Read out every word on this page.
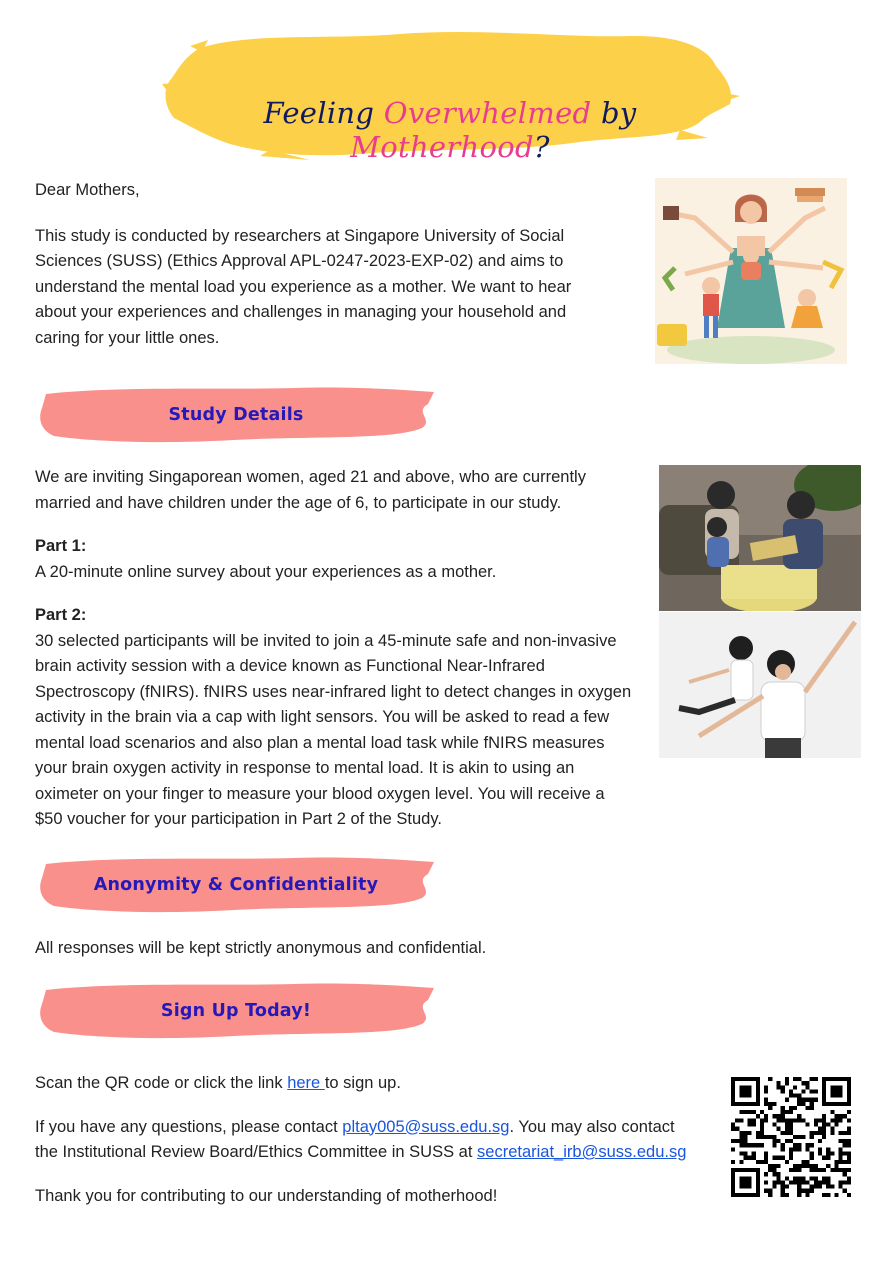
Feeling Overwhelmed by Motherhood?

Dear Mothers,

This study is conducted by researchers at Singapore University of Social

Sciences (SUSS) (Ethics Approval APL-0247-2023-EXP-02) and aims to

understand the mental load you experience as a mother. We want to hear

about your experiences and challenges in managing your household and

caring for your little ones.

Study Details

We are inviting Singaporean women, aged 21 and above, who are currently

married and have children under the age of 6, to participate in our study.

Part 1:

A 20-minute online survey about your experiences as a mother.

Part 2:

30 selected participants will be invited to join a 45-minute safe and non-invasive

brain activity session with a device known as Functional Near-Infrared

Spectroscopy (fNIRS). fNIRS uses near-infrared light to detect changes in oxygen

activity in the brain via a cap with light sensors. You will be asked to read a few

mental load scenarios and also plan a mental load task while fNIRS measures

your brain oxygen activity in response to mental load. It is akin to using an

oximeter on your finger to measure your blood oxygen level. You will receive a

$50 voucher for your participation in Part 2 of the Study.

Anonymity & Confidentiality

All responses will be kept strictly anonymous and confidential.

Sign Up Today!

Scan the QR code or click the link here to sign up.

If you have any questions, please contact pltay005@suss.edu.sg. You may also contact

the Institutional Review Board/Ethics Committee in SUSS at secretariat_irb@suss.edu.sg

Thank you for contributing to our understanding of motherhood!
